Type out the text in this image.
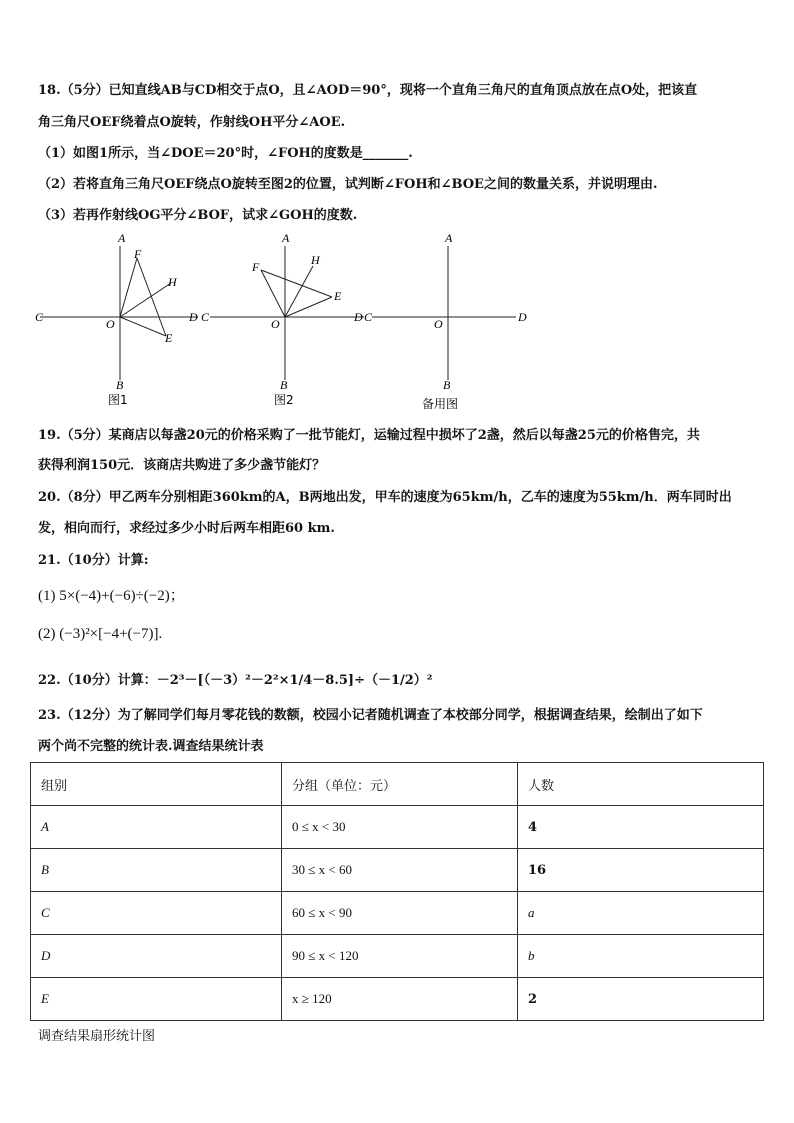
18.（5分）已知直线AB与CD相交于点O，且∠AOD＝90°，现将一个直角三角尺的直角顶点放在点O处，把该直
角三角尺OEF绕着点O旋转，作射线OH平分∠AOE.
（1）如图1所示，当∠DOE＝20°时，∠FOH的度数是_______.
（2）若将直角三角尺OEF绕点O旋转至图2的位置，试判断∠FOH和∠BOE之间的数量关系，并说明理由.
（3）若再作射线OG平分∠BOF，试求∠GOH的度数.
A
B
C	D
O
E
F
H
图1
A
B
C	D
O
E
F	H
图2
A
B
C	D
O
备用图
19.（5分）某商店以每盏20元的价格采购了一批节能灯，运输过程中损坏了2盏，然后以每盏25元的价格售完，共
获得利润150元．该商店共购进了多少盏节能灯？
20.（8分）甲乙两车分别相距360km的A，B两地出发，甲车的速度为65km/h，乙车的速度为55km/h．两车同时出
发，相向而行，求经过多少小时后两车相距60 km.
21.（10分）计算:
(1) 5×(−4)+(−6)÷(−2)；
(2) (−3)²×[−4+(−7)].
22.（10分）计算：－2³－[（－3）²－2²×1/4－8.5]÷（－1/2）²
23.（12分）为了解同学们每月零花钱的数额，校园小记者随机调查了本校部分同学，根据调查结果，绘制出了如下
两个尚不完整的统计表.调查结果统计表
组别	分组（单位：元）	人数
A	0 ≤ x < 30	4
B	30 ≤ x < 60	16
C	60 ≤ x < 90	a
D	90 ≤ x < 120	b
E	x ≥ 120	2
调查结果扇形统计图
